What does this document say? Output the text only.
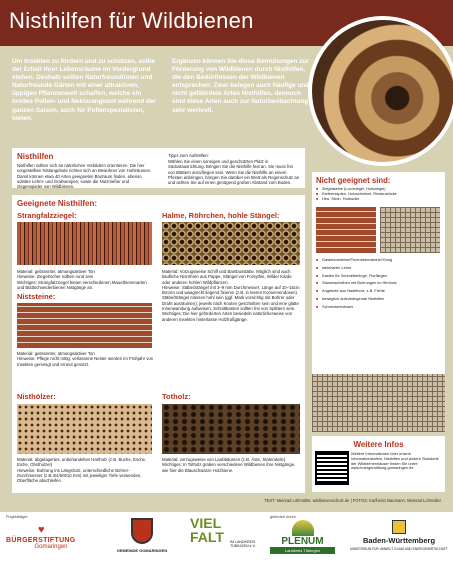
Nisthilfen für Wildbienen

Um Insekten zu fördern und zu schützen, sollte der Erhalt ihrer Lebensräume im Vordergrund stehen. Deshalb sollten Naturfreundinnen und Naturfreunde Gärten mit einer attraktiven, üppigen Pflanzenwelt schaffen, welche ein breites Pollen- und Nektarangebot während der ganzen Saison, auch für Pollenspezialisten, bieten.

Ergänzen können Sie diese Bemühungen zur Förderung von Wildbienen durch Nisthilfen, die den Bedürfnissen der Wildbienen entsprechen. Zwar belegen auch häufige und nicht gefährdete Arten Nisthilfen, dennoch sind diese Arten auch zur Naturbeobachtung sehr wertvoll.

Nisthilfen

Nisthilfen sollten sich an natürlichen Vorbildern orientieren. Die hier vorgestellten Nistangebote richten sich an Bewohner von Hohlräumen. Damit können etwa 40 Arten geeigneten Brutraum finden, ebenso solitäre Lehm- und Grabwespen, sowie die Nutznießer und Gegenspieler von Wildbienen.

Tipps zum Aufstellen:

Wählen Sie einen sonnigen und geschützten Platz in Südostausrichtung. Bringen Sie die Nisthilfe fest an. Sie muss frei von Blättern anzufliegen sein. Wenn Sie die Nisthilfe an einem Pfosten anbringen, bringen Sie darüber ein Brett als Regenschutz an und achten Sie auf einen genügend großen Abstand vom Boden.

Geeignete Nisthilfen:
Strangfalzziegel:
Material: gebrannter, atmungsaktiver Ton
Hinweise: Ziegelröcher sollten rund sein
Wichtiges: Strangfalzziegel bieten verschiedenen Mauerbienenarten und Blattschneiderbienen Nistgänge an.
Niststeine:
Material: gebrannter, atmungsaktiver Ton
Hinweise: Pflege nicht nötig; verlassene Nester werden im Frühjahr von Insekten gereinigt und erneut genutzt.
Nisthölzer:
Material: abgelagertes, unbehandeltes Hartholz (z.B. Buche, Esche, Eiche, Obstholzer)
Hinweise: Bohrung ins Längsholz, unterschiedliche Bohrer-Durchmesser (z.B.3/4/6/8/10 mm) mit jeweiliger Tiefe verwenden, Oberfläche abschleifen.
Halme, Röhrchen, hohle Stängel:
Material: Vorzugsweise Schilf und Bambusstäbe. Möglich sind auch käufliche Nisröhren aus Pappe, Stängel von Forsythie, Wilder Karde oder anderen hohlen Wildpflanzen.
Hinweise: Stäbe/Stängel mit 3–9 mm Durchmesser; Länge auf 10–15cm kürzen und waagrecht liegend fixieren (z.B. in leeren Konservendosen). Stäbe/Stängel müssen hohl sein (ggf. Mark vorsichtig mit Bohrer oder Draht ausräumen); jeweils nach Knoten geschnitten sein und eine glatte Innenwandung aufweisen. Schnittkanten sollten frei von Splittern sein.
Wichtiges: Die hier geförderten Arten besiedeln natürlicherweise von anderen Insekten hinterlasse Holzfraßgänge.
Totholz:
Material: vorzugsweise von Laubbäumen (z.B. Äste, Stammteile)
Wichtiges: In Totholz graben verschiedene Wildbienen ihre Nistgänge, wie hier die Blauschwarze Holzbiene.
Nicht geeignet sind:
■ Ziegelsteine (Lochziegel, Hohlziegel)
■ Kiefernzapfen, Holzschnitzel, Rindenstücke
■ Heu, Stroh, Holzwolle
■ Gasbetonsteine/Porenbetonsteine/Ytong
■ steinharter Lehm
■ Kasten für Schmetterlinge, Florfliegen
■ Stammscheiben mit Bohrungen im Hirnholz
■ Angebote aus Nadelholz, z.B. Fichte
■ beweglich aufzuhängende Nisthilfen
■ Schneckenhäuser
Weitere Infos

Weitere Informationen über unsere Informationstafeln, Nisthilfen und andere Standorte der Wildbienenhäuser finden Sie unter: www.buergerstiftung-gomaringen.de

TEXT: Meinrad Löhmüller, wildbienenschutz.de | FOTOS: Karlheinz Baumann, Meinrad Lohmüller
Projektträger
♥
BÜRGERSTIFTUNG
Gomaringen
GEMEINDE GOMARINGEN
VIEL FALT	IM LANDKREIS TÜBINGEN e.V.
gefördert durch
PLENUM
Landkreis Tübingen
Baden-Württemberg
MINISTERIUM FÜR UMWELT, KLIMA UND ENERGIEWIRTSCHAFT
